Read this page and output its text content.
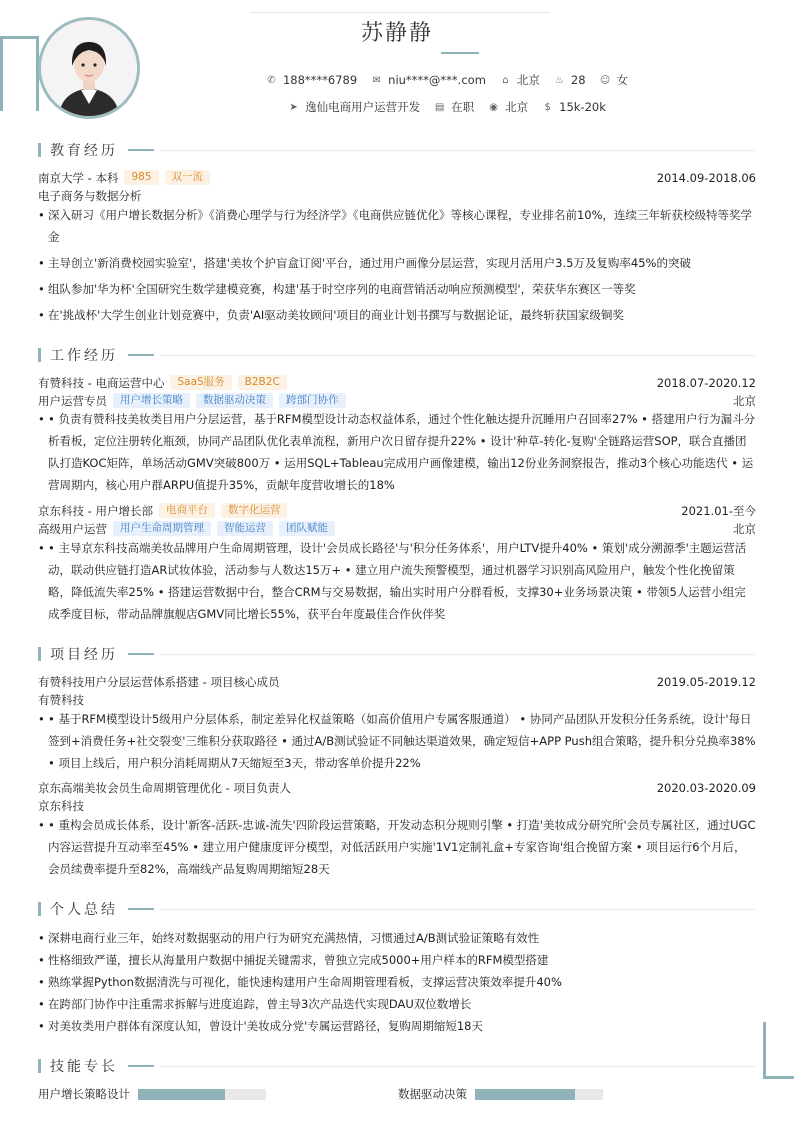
苏静静
✆ 188****6789 ✉ niu****@***.com ⌂ 北京 ♨ 28 ☺ 女
➤ 逸仙电商用户运营开发 ▤ 在职 ◉ 北京 $ 15k-20k
教育经历
南京大学 - 本科	985	双一流	2014.09-2018.06
电子商务与数据分析
• 深入研习《用户增长数据分析》《消费心理学与行为经济学》《电商供应链优化》等核心课程，专业排名前10%，连续三年斩获校级特等奖学金
• 主导创立'新消费校园实验室'，搭建'美妆个护盲盒订阅'平台，通过用户画像分层运营，实现月活用户3.5万及复购率45%的突破
• 组队参加'华为杯'全国研究生数学建模竞赛，构建'基于时空序列的电商营销活动响应预测模型'，荣获华东赛区一等奖
• 在'挑战杯'大学生创业计划竞赛中，负责'AI驱动美妆顾问'项目的商业计划书撰写与数据论证，最终斩获国家级铜奖
工作经历
有赞科技 - 电商运营中心	SaaS服务	B2B2C	2018.07-2020.12
用户运营专员	用户增长策略	数据驱动决策	跨部门协作	北京
• • 负责有赞科技美妆类目用户分层运营，基于RFM模型设计动态权益体系，通过个性化触达提升沉睡用户召回率27% • 搭建用户行为漏斗分析看板，定位注册转化瓶颈，协同产品团队优化表单流程，新用户次日留存提升22% • 设计'种草-转化-复购'全链路运营SOP，联合直播团队打造KOC矩阵，单场活动GMV突破800万 • 运用SQL+Tableau完成用户画像建模，输出12份业务洞察报告，推动3个核心功能迭代 • 运营周期内，核心用户群ARPU值提升35%，贡献年度营收增长的18%
京东科技 - 用户增长部	电商平台	数字化运营	2021.01-至今
高级用户运营	用户生命周期管理	智能运营	团队赋能	北京
• • 主导京东科技高端美妆品牌用户生命周期管理，设计'会员成长路径'与'积分任务体系'，用户LTV提升40% • 策划'成分溯源季'主题运营活动，联动供应链打造AR试妆体验，活动参与人数达15万+ • 建立用户流失预警模型，通过机器学习识别高风险用户，触发个性化挽留策略，降低流失率25% • 搭建运营数据中台，整合CRM与交易数据，输出实时用户分群看板，支撑30+业务场景决策 • 带领5人运营小组完成季度目标，带动品牌旗舰店GMV同比增长55%，获平台年度最佳合作伙伴奖
项目经历
有赞科技用户分层运营体系搭建 - 项目核心成员	2019.05-2019.12
有赞科技
• • 基于RFM模型设计5级用户分层体系，制定差异化权益策略（如高价值用户专属客服通道） • 协同产品团队开发积分任务系统，设计'每日签到+消费任务+社交裂变'三维积分获取路径 • 通过A/B测试验证不同触达渠道效果，确定短信+APP Push组合策略，提升积分兑换率38% • 项目上线后，用户积分消耗周期从7天缩短至3天，带动客单价提升22%
京东高端美妆会员生命周期管理优化 - 项目负责人	2020.03-2020.09
京东科技
• • 重构会员成长体系，设计'新客-活跃-忠诚-流失'四阶段运营策略，开发动态积分规则引擎 • 打造'美妆成分研究所'会员专属社区，通过UGC内容运营提升互动率至45% • 建立用户健康度评分模型，对低活跃用户实施'1V1定制礼盒+专家咨询'组合挽留方案 • 项目运行6个月后，会员续费率提升至82%，高端线产品复购周期缩短28天
个人总结
• 深耕电商行业三年，始终对数据驱动的用户行为研究充满热情，习惯通过A/B测试验证策略有效性
• 性格细致严谨，擅长从海量用户数据中捕捉关键需求，曾独立完成5000+用户样本的RFM模型搭建
• 熟练掌握Python数据清洗与可视化，能快速构建用户生命周期管理看板，支撑运营决策效率提升40%
• 在跨部门协作中注重需求拆解与进度追踪，曾主导3次产品迭代实现DAU双位数增长
• 对美妆类用户群体有深度认知，曾设计'美妆成分党'专属运营路径，复购周期缩短18天
技能专长
用户增长策略设计	数据驱动决策
